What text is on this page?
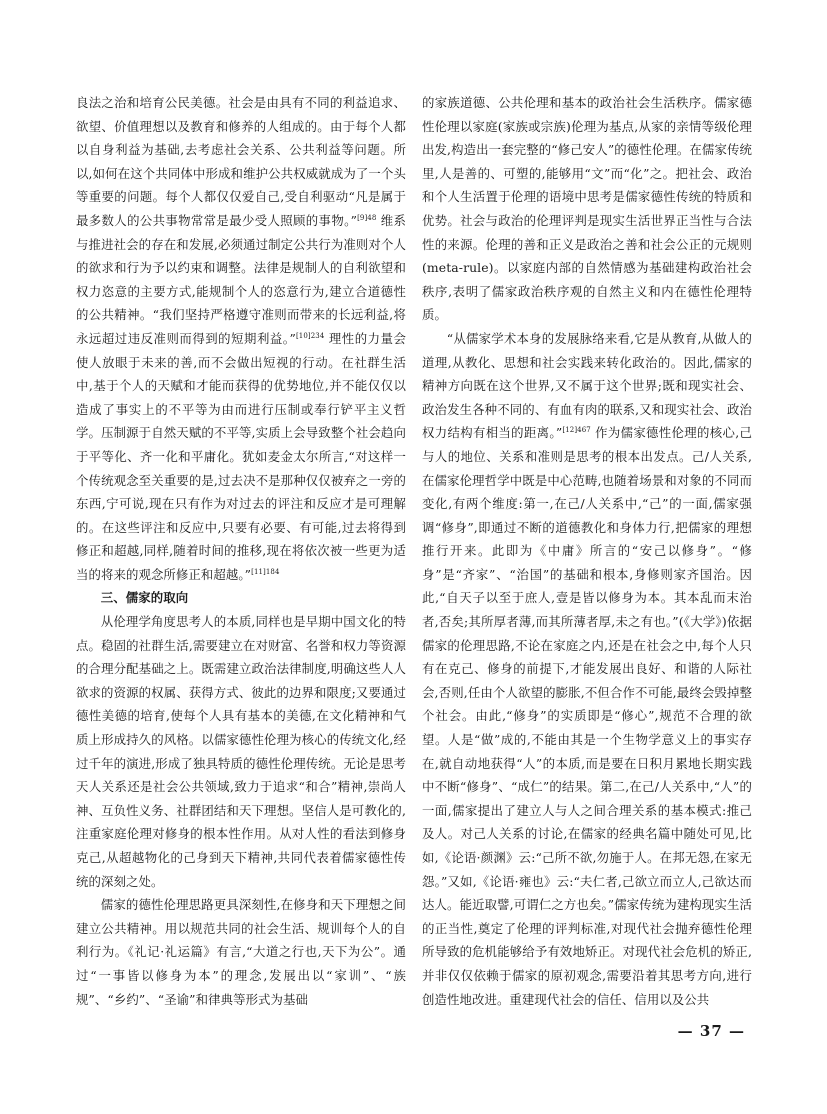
良法之治和培育公民美德。社会是由具有不同的利益追求、欲望、价值理想以及教育和修养的人组成的。由于每个人都以自身利益为基础,去考虑社会关系、公共利益等问题。所以,如何在这个共同体中形成和维护公共权威就成为了一个头等重要的问题。每个人都仅仅爱自己,受自利驱动“凡是属于最多数人的公共事物常常是最少受人照顾的事物。”$^{[9]48}$ 维系与推进社会的存在和发展,必须通过制定公共行为准则对个人的欲求和行为予以约束和调整。法律是规制人的自利欲望和权力恣意的主要方式,能规制个人的恣意行为,建立合道德性的公共精神。“我们坚持严格遵守准则而带来的长远利益,将永远超过违反准则而得到的短期利益。”$^{[10]234}$ 理性的力量会使人放眼于未来的善,而不会做出短视的行动。在社群生活中,基于个人的天赋和才能而获得的优势地位,并不能仅仅以造成了事实上的不平等为由而进行压制或奉行铲平主义哲学。压制源于自然天赋的不平等,实质上会导致整个社会趋向于平等化、齐一化和平庸化。犹如麦金太尔所言,“对这样一个传统观念至关重要的是,过去决不是那种仅仅被弃之一旁的东西,宁可说,现在只有作为对过去的评注和反应才是可理解的。在这些评注和反应中,只要有必要、有可能,过去将得到修正和超越,同样,随着时间的推移,现在将依次被一些更为适当的将来的观念所修正和超越。”$^{[11]184}$

三、儒家的取向

从伦理学角度思考人的本质,同样也是早期中国文化的特点。稳固的社群生活,需要建立在对财富、名誉和权力等资源的合理分配基础之上。既需建立政治法律制度,明确这些人人欲求的资源的权属、获得方式、彼此的边界和限度;又要通过德性美德的培育,使每个人具有基本的美德,在文化精神和气质上形成持久的风格。以儒家德性伦理为核心的传统文化,经过千年的演进,形成了独具特质的德性伦理传统。无论是思考天人关系还是社会公共领域,致力于追求“和合”精神,崇尚人神、互负性义务、社群团结和天下理想。坚信人是可教化的,注重家庭伦理对修身的根本性作用。从对人性的看法到修身克己,从超越物化的己身到天下精神,共同代表着儒家德性传统的深刻之处。

儒家的德性伦理思路更具深刻性,在修身和天下理想之间建立公共精神。用以规范共同的社会生活、规训每个人的自利行为。《礼记·礼运篇》有言,“大道之行也,天下为公”。通过“一事皆以修身为本”的理念,发展出以“家训”、“族规”、“乡约”、“圣谕”和律典等形式为基础

的家族道德、公共伦理和基本的政治社会生活秩序。儒家德性伦理以家庭(家族或宗族)伦理为基点,从家的亲情等级伦理出发,构造出一套完整的“修己安人”的德性伦理。在儒家传统里,人是善的、可塑的,能够用“文”而“化”之。把社会、政治和个人生活置于伦理的语境中思考是儒家德性传统的特质和优势。社会与政治的伦理评判是现实生活世界正当性与合法性的来源。伦理的善和正义是政治之善和社会公正的元规则(meta-rule)。以家庭内部的自然情感为基础建构政治社会秩序,表明了儒家政治秩序观的自然主义和内在德性伦理特质。

“从儒家学术本身的发展脉络来看,它是从教育,从做人的道理,从教化、思想和社会实践来转化政治的。因此,儒家的精神方向既在这个世界,又不属于这个世界;既和现实社会、政治发生各种不同的、有血有肉的联系,又和现实社会、政治权力结构有相当的距离。”$^{[12]467}$ 作为儒家德性伦理的核心,己与人的地位、关系和准则是思考的根本出发点。己/人关系,在儒家伦理哲学中既是中心范畴,也随着场景和对象的不同而变化,有两个维度:第一,在己/人关系中,“己”的一面,儒家强调“修身”,即通过不断的道德教化和身体力行,把儒家的理想推行开来。此即为《中庸》所言的“安己以修身”。“修身”是“齐家”、“治国”的基础和根本,身修则家齐国治。因此,“自天子以至于庶人,壹是皆以修身为本。其本乱而末治者,否矣;其所厚者薄,而其所薄者厚,未之有也。”(《大学》)依据儒家的伦理思路,不论在家庭之内,还是在社会之中,每个人只有在克己、修身的前提下,才能发展出良好、和谐的人际社会,否则,任由个人欲望的膨胀,不但合作不可能,最终会毁掉整个社会。由此,“修身”的实质即是“修心”,规范不合理的欲望。人是“做”成的,不能由其是一个生物学意义上的事实存在,就自动地获得“人”的本质,而是要在日积月累地长期实践中不断“修身”、“成仁”的结果。第二,在己/人关系中,“人”的一面,儒家提出了建立人与人之间合理关系的基本模式:推己及人。对己人关系的讨论,在儒家的经典名篇中随处可见,比如,《论语·颜渊》云:“己所不欲,勿施于人。在邦无怨,在家无怨。”又如,《论语·雍也》云:“夫仁者,己欲立而立人,己欲达而达人。能近取譬,可谓仁之方也矣。”儒家传统为建构现实生活的正当性,奠定了伦理的评判标准,对现代社会抛弃德性伦理所导致的危机能够给予有效地矫正。对现代社会危机的矫正,并非仅仅依赖于儒家的原初观念,需要沿着其思考方向,进行创造性地改进。重建现代社会的信任、信用以及公共

— 37 —
